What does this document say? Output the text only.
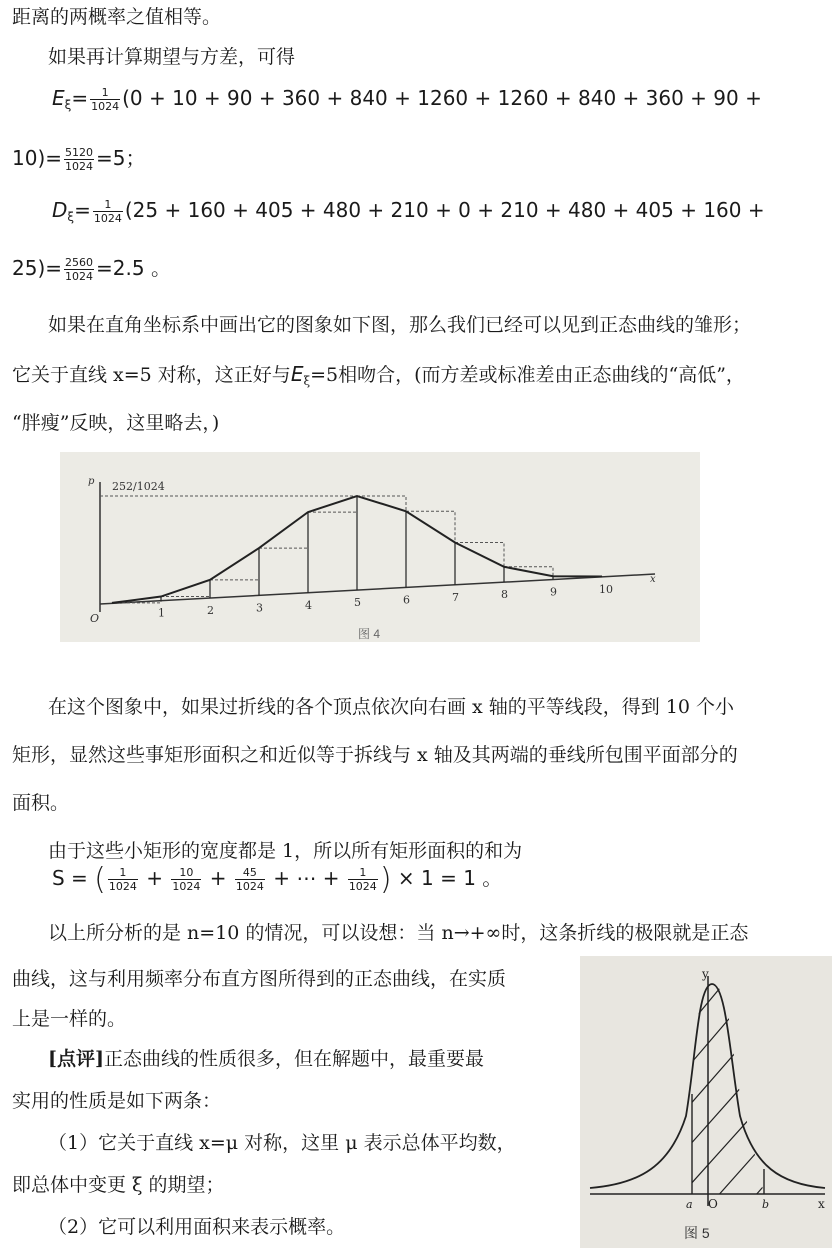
距离的两概率之值相等。
如果再计算期望与方差，可得
$E_\xi= \frac{1}{1024} (0 + 10 + 90 + 360 + 840 + 1260 + 1260 + 840 + 360 + 90$ +
$10)= \frac{5120}{1024} =5$；
$D_\xi= \frac{1}{1024} (25 + 160 + 405 + 480 + 210 + 0 + 210 + 480 + 405 + 160$ +
$25)= \frac{2560}{1024} =2.5$ 。
如果在直角坐标系中画出它的图象如下图，那么我们已经可以见到正态曲线的雏形；
它关于直线 x=5 对称，这正好与$E_\xi=5$相吻合，(而方差或标准差由正态曲线的“高低”，
“胖瘦”反映，这里略去，)
p
x
252/1024
O	1	2	3	4	5	6	7	8	9	10
图 4
在这个图象中，如果过折线的各个顶点依次向右画 x 轴的平等线段，得到 10 个小
矩形，显然这些事矩形面积之和近似等于拆线与 x 轴及其两端的垂线所包围平面部分的
面积。
由于这些小矩形的宽度都是 1，所以所有矩形面积的和为
S = ( $\frac{1}{1024} + \frac{10}{1024} + \frac{45}{1024}$ + ⋯ + $\frac{1}{1024}$ ) × 1 = 1 。
以上所分析的是 n=10 的情况，可以设想：当 n→+∞时，这条折线的极限就是正态
曲线，这与利用频率分布直方图所得到的正态曲线，在实质
上是一样的。
[点评]正态曲线的性质很多，但在解题中，最重要最
实用的性质是如下两条：
（1）它关于直线 x=μ 对称，这里 μ 表示总体平均数，
即总体中变更 ξ 的期望；
（2）它可以利用面积来表示概率。
y
x
a O	b
图 5
